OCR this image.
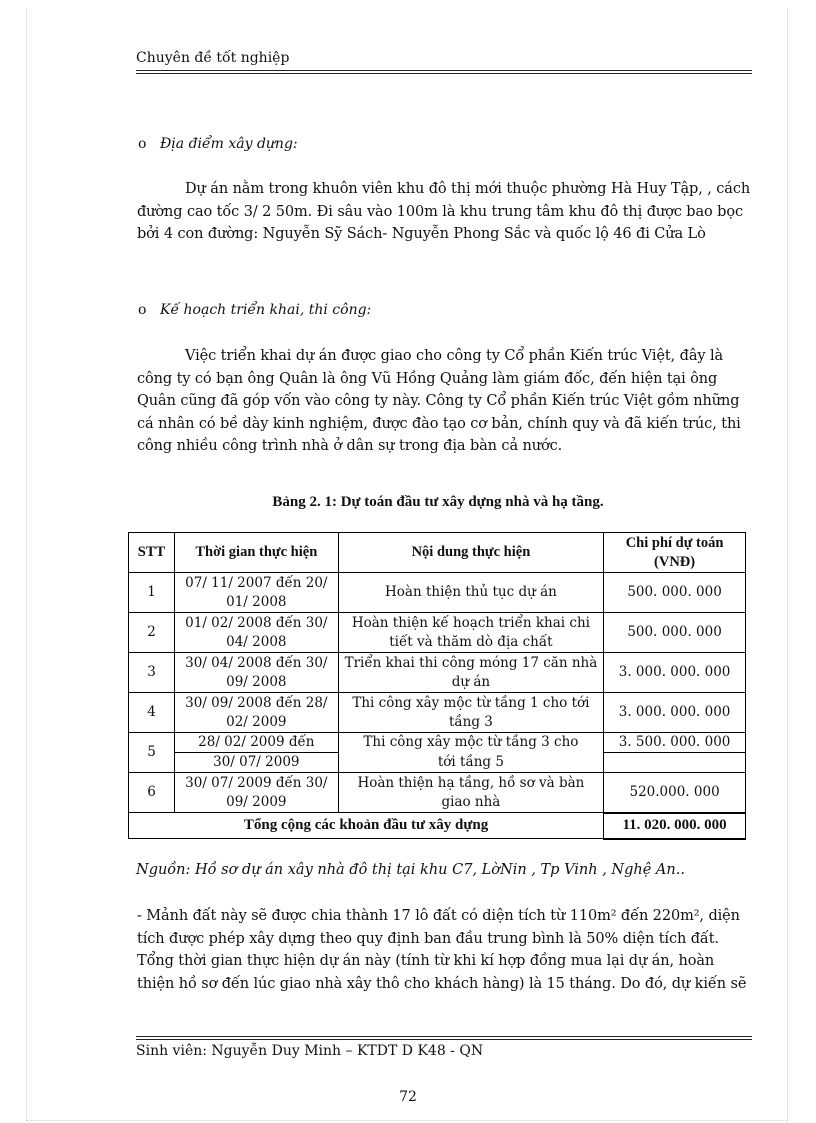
Chuyên đề tốt nghiệp
o Địa điểm xây dựng:
Dự án nằm trong khuôn viên khu đô thị mới thuộc phường Hà Huy Tập, , cách đường cao tốc 3/ 2 50m. Đi sâu vào 100m là khu trung tâm khu đô thị được bao bọc bởi 4 con đường: Nguyễn Sỹ Sách- Nguyễn Phong Sắc và quốc lộ 46 đi Cửa Lò
o Kế hoạch triển khai, thi công:
Việc triển khai dự án được giao cho công ty Cổ phần Kiến trúc Việt, đây là công ty có bạn ông Quân là ông Vũ Hồng Quảng làm giám đốc, đến hiện tại ông Quân cũng đã góp vốn vào công ty này. Công ty Cổ phần Kiến trúc Việt gồm những cá nhân có bề dày kinh nghiệm, được đào tạo cơ bản, chính quy và đã kiến trúc, thi công nhiều công trình nhà ở dân sự trong địa bàn cả nước.
Bảng 2. 1: Dự toán đầu tư xây dựng nhà và hạ tầng.
STT	Thời gian thực hiện	Nội dung thực hiện	Chi phí dự toán (VNĐ)
1	07/ 11/ 2007 đến 20/ 01/ 2008	Hoàn thiện thủ tục dự án	500. 000. 000
2	01/ 02/ 2008 đến 30/ 04/ 2008	Hoàn thiện kế hoạch triển khai chi tiết và thăm dò địa chất	500. 000. 000
3	30/ 04/ 2008 đến 30/ 09/ 2008	Triển khai thi công móng 17 căn nhà dự án	3. 000. 000. 000
4	30/ 09/ 2008 đến 28/ 02/ 2009	Thi công xây mộc từ tầng 1 cho tới tầng 3	3. 000. 000. 000
5	28/ 02/ 2009 đến	Thi công xây mộc từ tầng 3 cho	3. 500. 000. 000
	30/ 07/ 2009	tới tầng 5	
6	30/ 07/ 2009 đến 30/ 09/ 2009	Hoàn thiện hạ tầng, hồ sơ và bàn giao nhà	520.000. 000
Tổng cộng các khoản đầu tư xây dựng			11. 020. 000. 000
Nguồn: Hồ sơ dự án xây nhà đô thị tại khu C7, LờNin , Tp Vinh , Nghệ An..
- Mảnh đất này sẽ được chia thành 17 lô đất có diện tích từ 110m² đến 220m², diện tích được phép xây dựng theo quy định ban đầu trung bình là 50% diện tích đất. Tổng thời gian thực hiện dự án này (tính từ khi kí hợp đồng mua lại dự án, hoàn thiện hồ sơ đến lúc giao nhà xây thô cho khách hàng) là 15 tháng. Do đó, dự kiến sẽ
Sinh viên: Nguyễn Duy Minh – KTDT D K48 - QN
72
